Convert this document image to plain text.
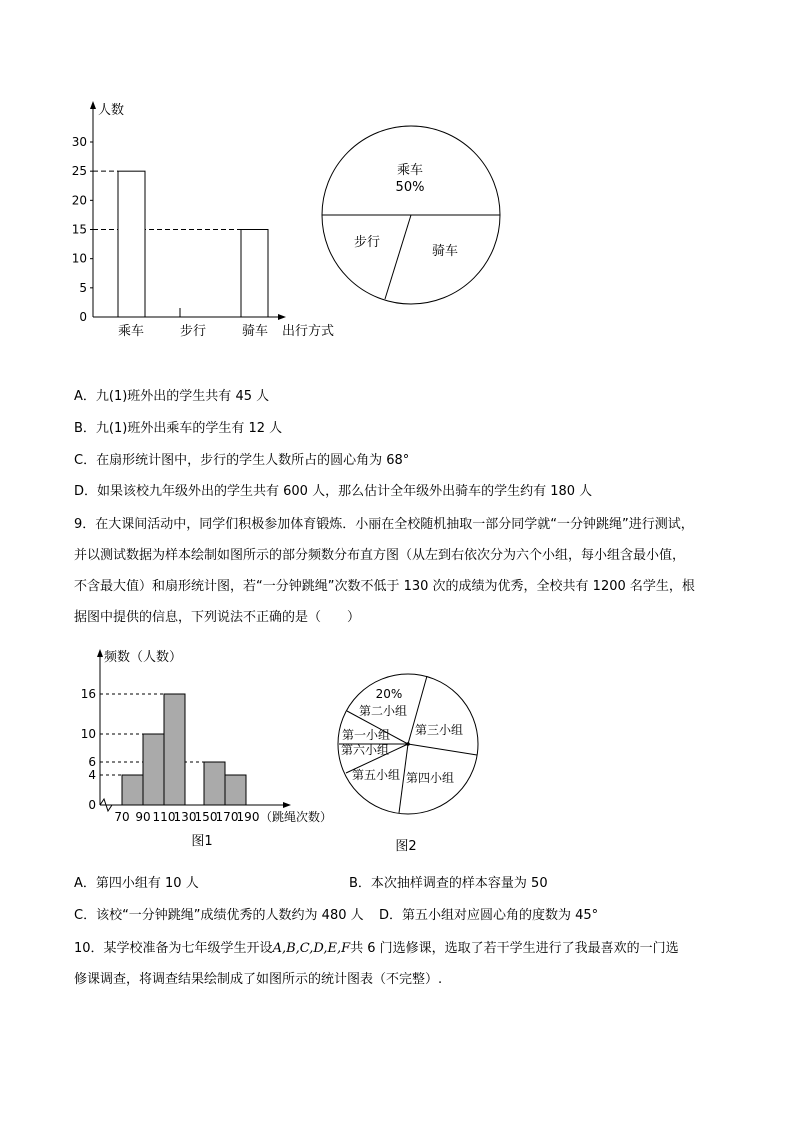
人数
出行方式
30
25
20
15
10
5
0
乘车	步行	骑车
乘车
50%
步行
骑车
A．九(1)班外出的学生共有 45 人
B．九(1)班外出乘车的学生有 12 人
C．在扇形统计图中，步行的学生人数所占的圆心角为 68°
D．如果该校九年级外出的学生共有 600 人，那么估计全年级外出骑车的学生约有 180 人
9．在大课间活动中，同学们积极参加体育锻炼．小丽在全校随机抽取一部分同学就“一分钟跳绳”进行测试，
并以测试数据为样本绘制如图所示的部分频数分布直方图（从左到右依次分为六个小组，每小组含最小值，
不含最大值）和扇形统计图，若“一分钟跳绳”次数不低于 130 次的成绩为优秀，全校共有 1200 名学生，根
据图中提供的信息，下列说法不正确的是（　　）
频数（人数）
（跳绳次数）
16
10
6
4
0
70 90 110
130
150
170
190
图1
20%
第二小组
第三小组
第一小组
第六小组
第五小组 第四小组
图2
A．第四小组有 10 人	B．本次抽样调查的样本容量为 50
C．该校“一分钟跳绳”成绩优秀的人数约为 480 人 D．第五小组对应圆心角的度数为 45°
10．某学校准备为七年级学生开设A,B,C,D,E,F共 6 门选修课，选取了若干学生进行了我最喜欢的一门选
修课调查，将调查结果绘制成了如图所示的统计图表（不完整）.
